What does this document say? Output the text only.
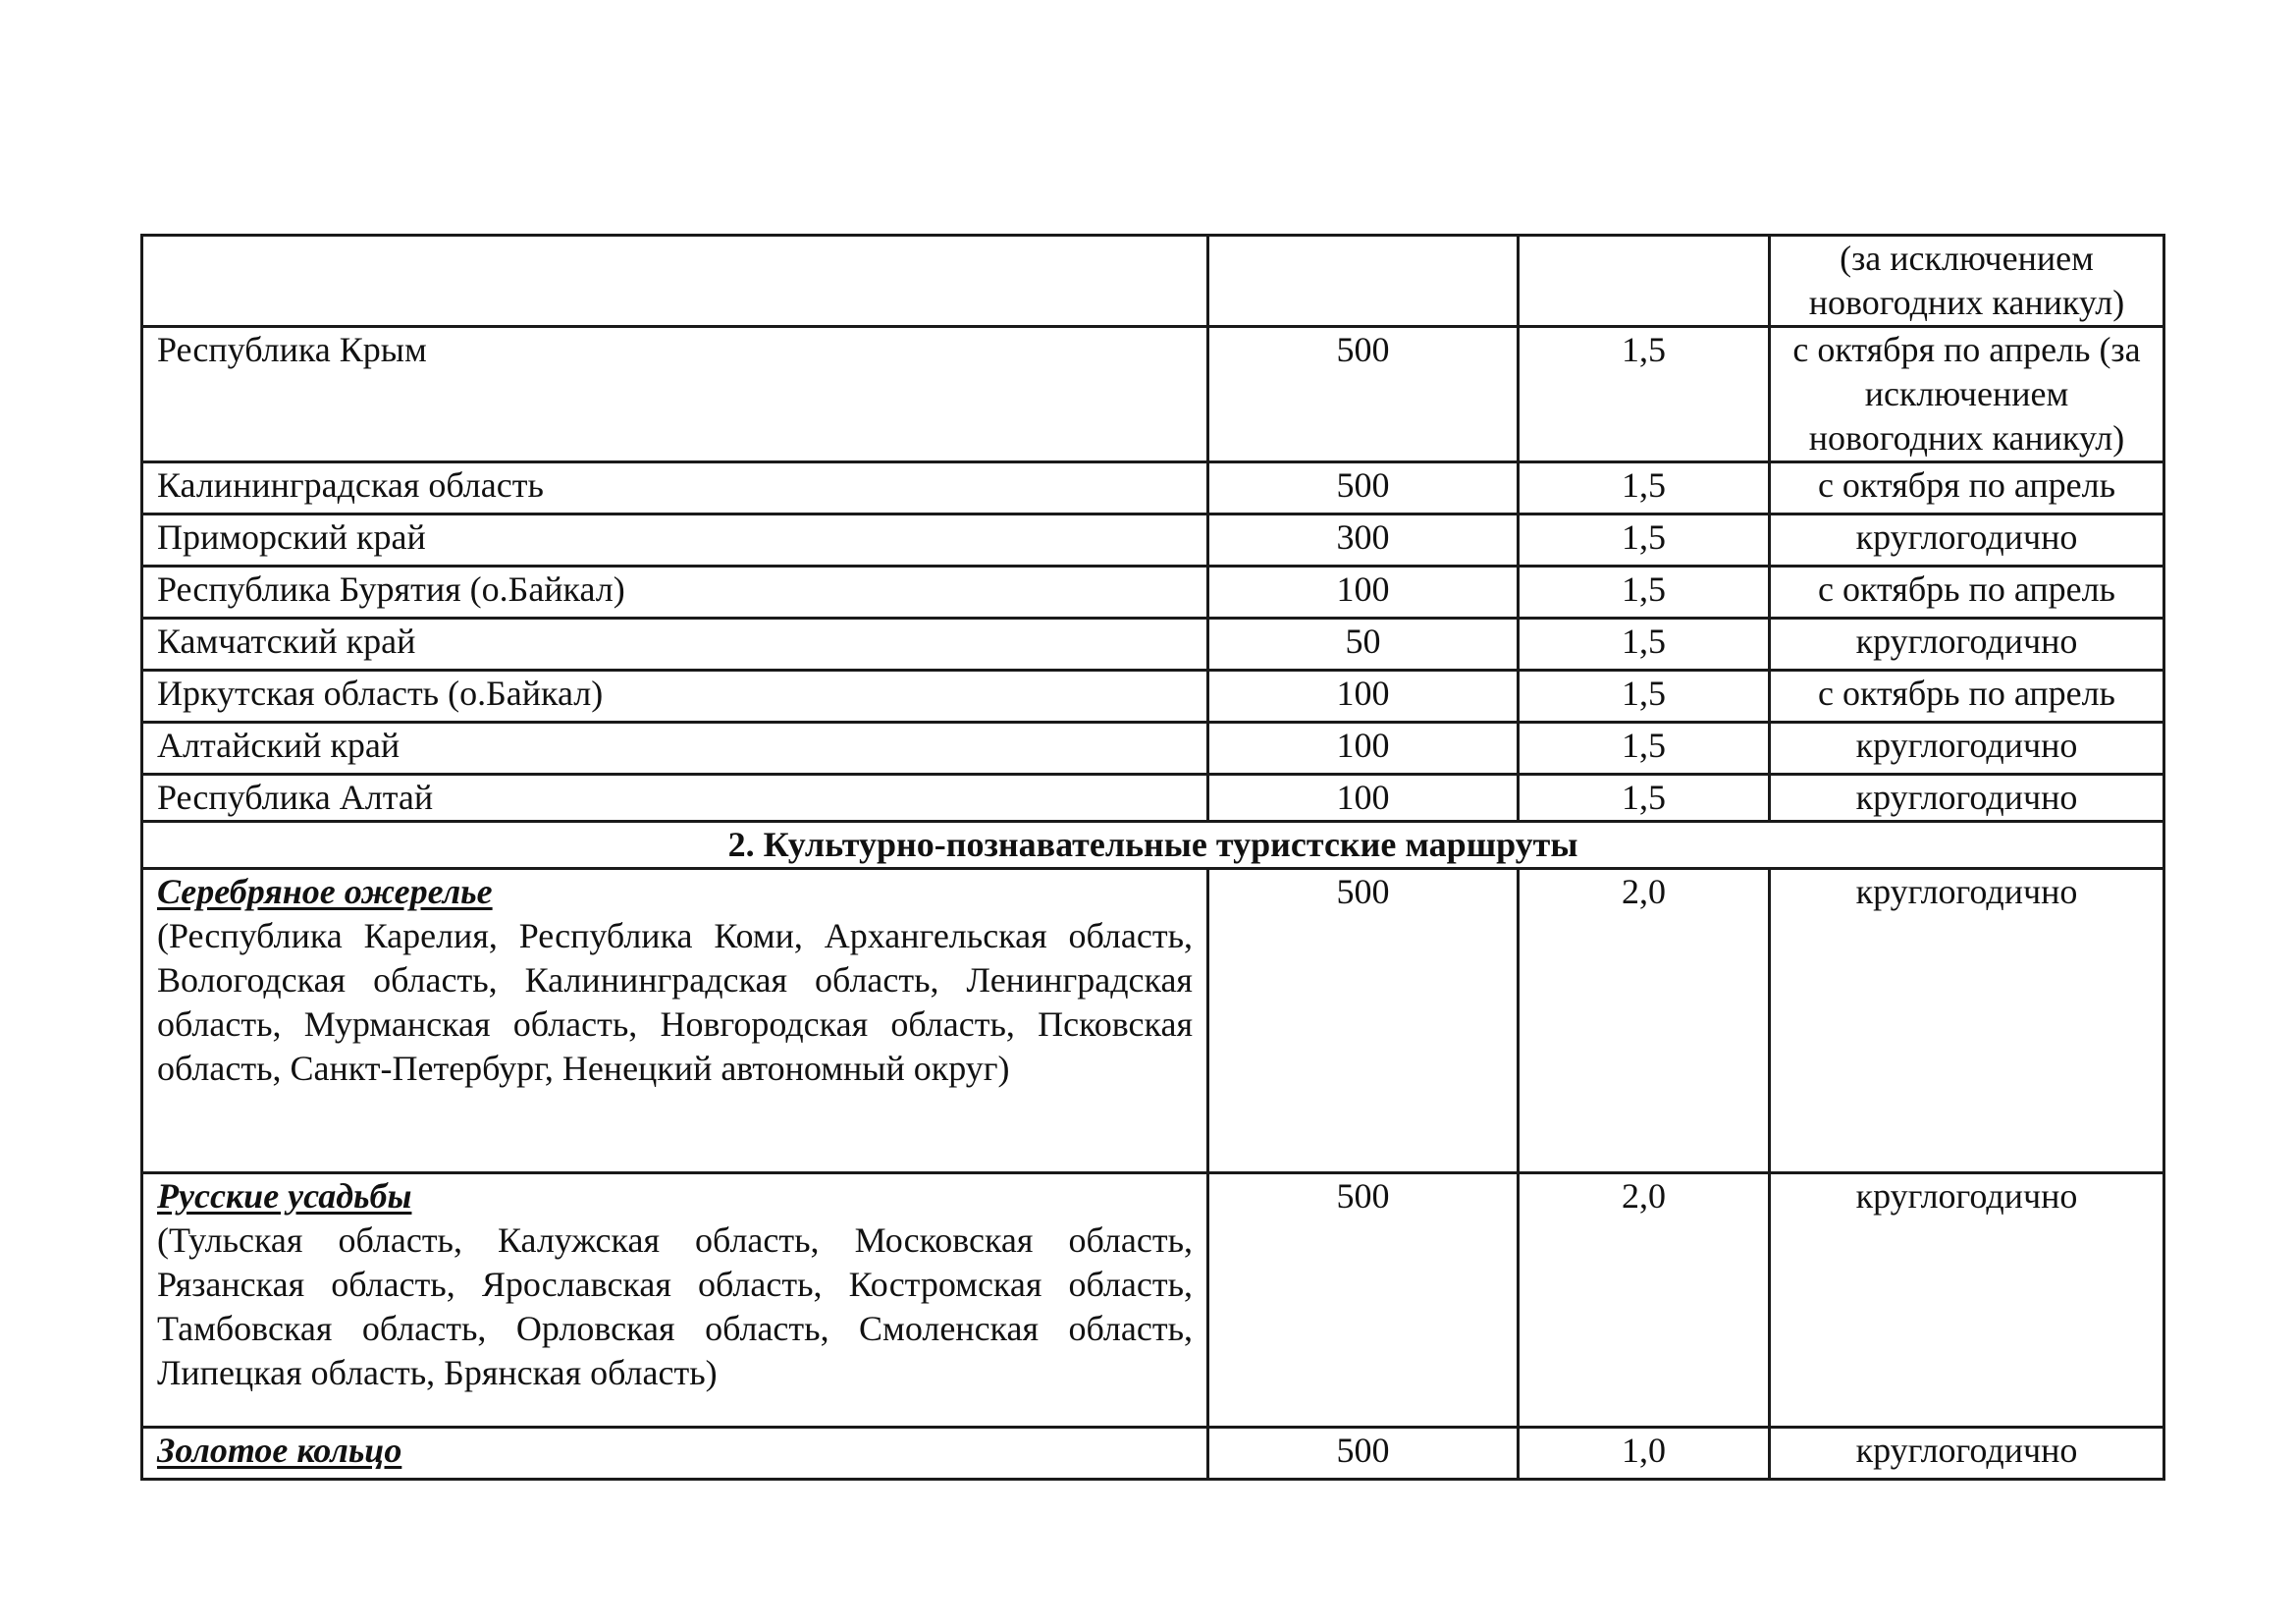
			(за исключением новогодних каникул)
Республика Крым	500	1,5	с октября по апрель (за исключением новогодних каникул)
Калининградская область	500	1,5	с октября по апрель
Приморский край	300	1,5	круглогодично
Республика Бурятия (о.Байкал)	100	1,5	с октябрь по апрель
Камчатский край	50	1,5	круглогодично
Иркутская область (о.Байкал)	100	1,5	с октябрь по апрель
Алтайский край	100	1,5	круглогодично
Республика Алтай	100	1,5	круглогодично
2. Культурно-познавательные туристские маршруты			

Серебряное ожерелье
(Республика Карелия, Республика Коми, Архангельская область, Вологодская область, Калининградская область, Ленинградская область, Мурманская область, Новгородская область, Псковская область, Санкт-Петербург, Ненецкий автономный округ)	500	2,0	круглогодично

Русские усадьбы
(Тульская область, Калужская область, Московская область, Рязанская область, Ярославская область, Костромская область, Тамбовская область, Орловская область, Смоленская область, Липецкая область, Брянская область)	500	2,0	круглогодично
Золотое кольцо	500	1,0	круглогодично
